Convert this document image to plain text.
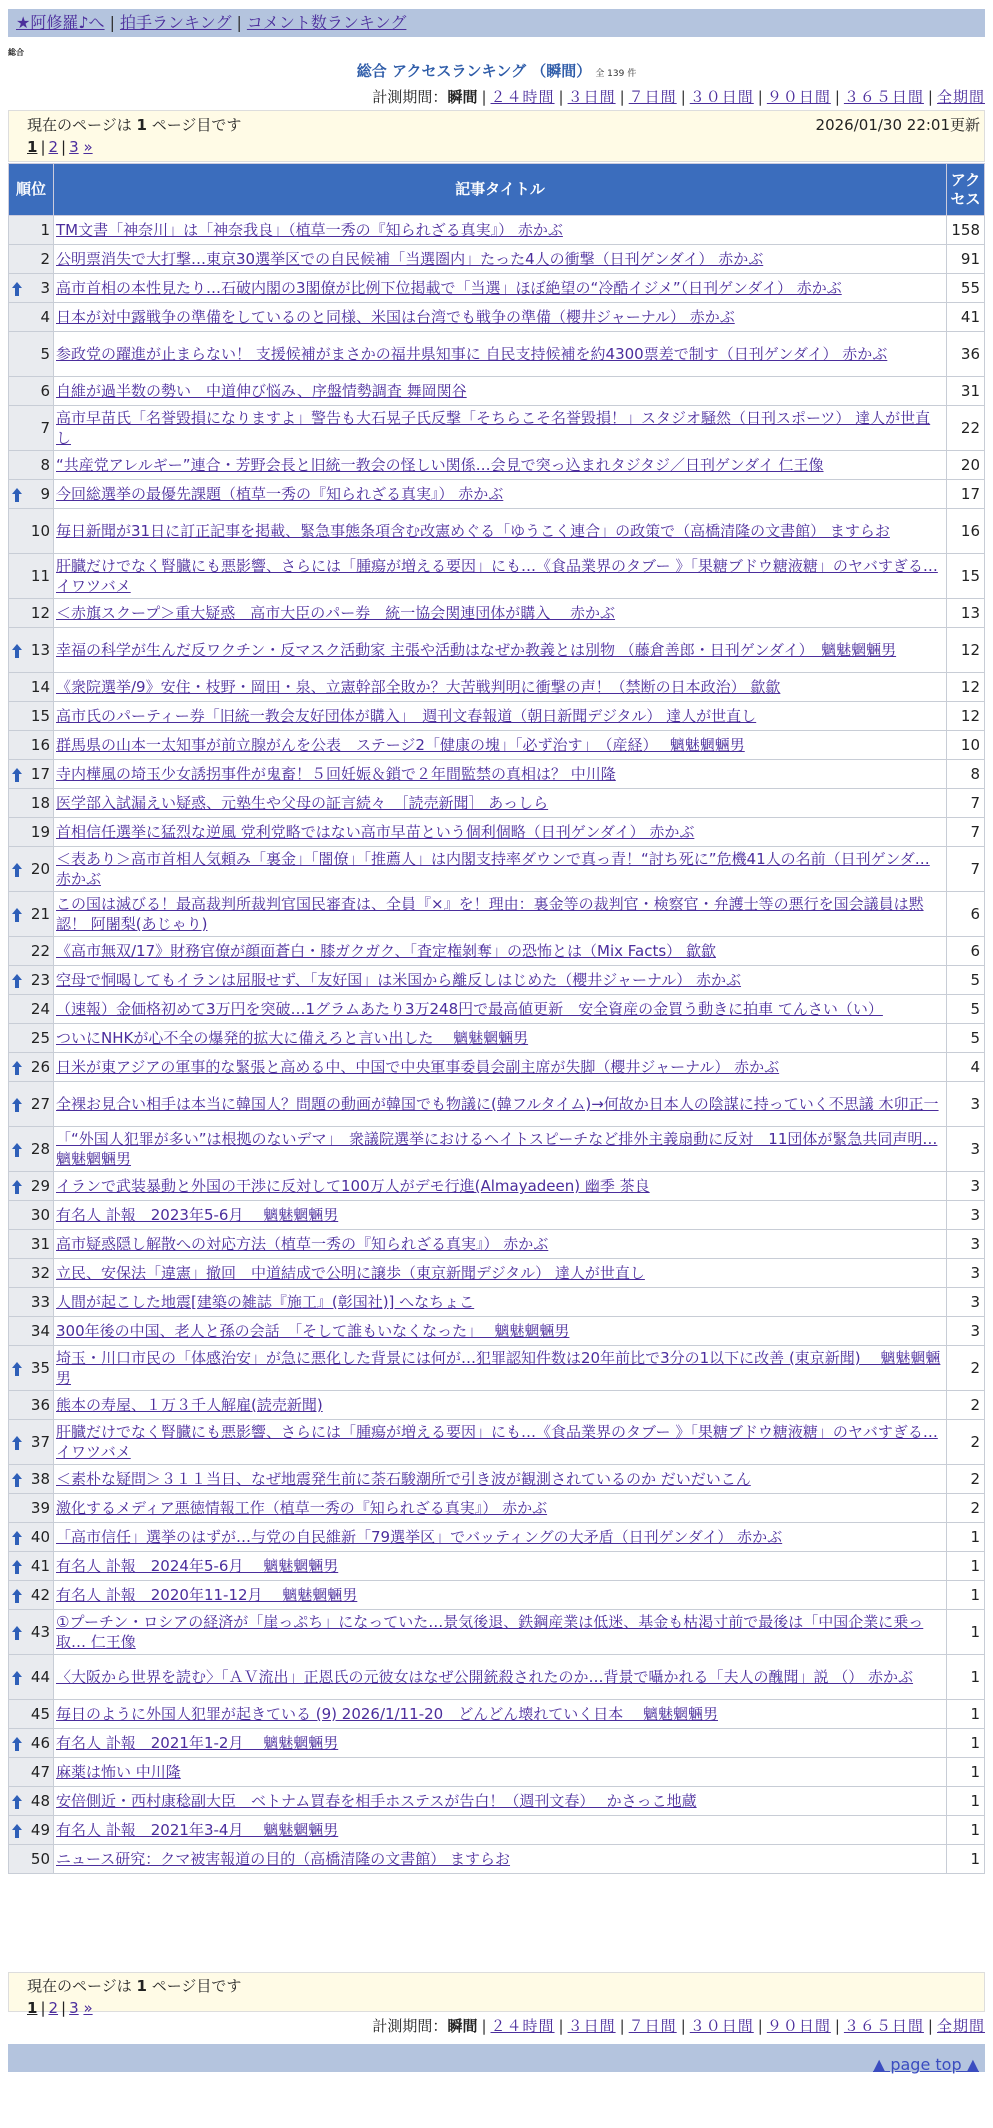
★阿修羅♪へ | 拍手ランキング | コメント数ランキング
総合
総合 アクセスランキング （瞬間） 全 139 件
計測期間：瞬間 | ２４時間 | ３日間 | ７日間 | ３０日間 | ９０日間 | ３６５日間 | 全期間
現在のページは 1 ページ目です	2026/01/30 22:01更新
1 | 2 | 3 »
順位	記事タイトル	アクセス
1	TM文書「神奈川」は「神奈我良」（植草一秀の『知られざる真実』） 赤かぶ	158
2	公明票消失で大打撃…東京30選挙区での自民候補「当選圏内」たった4人の衝撃（日刊ゲンダイ） 赤かぶ	91

3	高市首相の本性見たり…石破内閣の3閣僚が比例下位掲載で「当選」ほぼ絶望の“冷酷イジメ”（日刊ゲンダイ） 赤かぶ	55
4	日本が対中露戦争の準備をしているのと同様、米国は台湾でも戦争の準備（櫻井ジャーナル） 赤かぶ	41
5	参政党の躍進が止まらない！ 支援候補がまさかの福井県知事に 自民支持候補を約4300票差で制す（日刊ゲンダイ） 赤かぶ	36
6	自維が過半数の勢い　中道伸び悩み、序盤情勢調査 舞岡関谷	31
7	高市早苗氏「名誉毀損になりますよ」警告も大石晃子氏反撃「そちらこそ名誉毀損！」スタジオ騒然（日刊スポーツ） 達人が世直し	22
8	“共産党アレルギー”連合・芳野会長と旧統一教会の怪しい関係…会見で突っ込まれタジタジ／日刊ゲンダイ 仁王像	20

9	今回総選挙の最優先課題（植草一秀の『知られざる真実』） 赤かぶ	17
10	毎日新聞が31日に訂正記事を掲載、緊急事態条項含む改憲めぐる「ゆうこく連合」の政策で（高橋清隆の文書館） ますらお	16
11	肝臓だけでなく腎臓にも悪影響、さらには「腫瘍が増える要因」にも…《食品業界のタブー 》「果糖ブドウ糖液糖」のヤバすぎる… イワツバメ	15
12	＜赤旗スクープ＞重大疑惑　高市大臣のパー券　統一協会関連団体が購入　 赤かぶ	13

13	幸福の科学が生んだ反ワクチン・反マスク活動家 主張や活動はなぜか教義とは別物 （藤倉善郎・日刊ゲンダイ）　魑魅魍魎男	12
14	《衆院選挙/9》安住・枝野・岡田・泉、立憲幹部全敗か？大苦戦判明に衝撃の声！（禁断の日本政治） 歙歙	12
15	高市氏のパーティー券「旧統一教会友好団体が購入」　週刊文春報道（朝日新聞デジタル） 達人が世直し	12
16	群馬県の山本一太知事が前立腺がんを公表　ステージ2「健康の塊」「必ず治す」　（産経）　 魑魅魍魎男	10

17	寺内樺風の埼玉少女誘拐事件が鬼畜！５回妊娠＆鎖で２年間監禁の真相は？ 中川隆	8
18	医学部入試漏えい疑惑、元塾生や父母の証言続々　［読売新聞］ あっしら	7
19	首相信任選挙に猛烈な逆風 党利党略ではない高市早苗という個利個略（日刊ゲンダイ） 赤かぶ	7

20	＜表あり＞高市首相人気頼み「裏金」「闇僚」「推薦人」は内閣支持率ダウンで真っ青！“討ち死に”危機41人の名前（日刊ゲンダ… 赤かぶ	7

21	この国は滅びる！最高裁判所裁判官国民審査は、全員『×』を！理由：裏金等の裁判官・検察官・弁護士等の悪行を国会議員は黙認！ 阿闍梨(あじゃり)	6
22	《高市無双/17》財務官僚が顔面蒼白・膝ガクガク、「査定権剝奪」の恐怖とは（Mix Facts） 歙歙	6

23	空母で恫喝してもイランは屈服せず、「友好国」は米国から離反しはじめた（櫻井ジャーナル） 赤かぶ	5
24	（速報）金価格初めて3万円を突破…1グラムあたり3万248円で最高値更新　安全資産の金買う動きに拍車 てんさい（い）	5
25	ついにNHKが心不全の爆発的拡大に備えろと言い出した　 魑魅魍魎男	5

26	日米が東アジアの軍事的な緊張と高める中、中国で中央軍事委員会副主席が失脚（櫻井ジャーナル） 赤かぶ	4

27	全裸お見合い相手は本当に韓国人？問題の動画が韓国でも物議に(韓フルタイム)→何故か日本人の陰謀に持っていく不思議 木卯正一	3

28	「“外国人犯罪が多い”は根拠のないデマ」　衆議院選挙におけるヘイトスピーチなど排外主義扇動に反対　11団体が緊急共同声明… 魑魅魍魎男	3

29	イランで武装暴動と外国の干渉に反対して100万人がデモ行進(Almayadeen) 幽季 茶良	3
30	有名人 訃報　2023年5-6月　 魑魅魍魎男	3
31	高市疑惑隠し解散への対応方法（植草一秀の『知られざる真実』） 赤かぶ	3
32	立民、安保法「違憲」撤回　中道結成で公明に譲歩（東京新聞デジタル） 達人が世直し	3
33	人間が起こした地震[建築の雑誌『施工』(彰国社)] へなちょこ	3
34	300年後の中国、老人と孫の会話　「そして誰もいなくなった」　 魑魅魍魎男	3

35	埼玉・川口市民の「体感治安」が急に悪化した背景には何が…犯罪認知件数は20年前比で3分の1以下に改善 (東京新聞)　 魑魅魍魎男	2
36	熊本の寿屋、１万３千人解雇(読売新聞)	2

37	肝臓だけでなく腎臓にも悪影響、さらには「腫瘍が増える要因」にも…《食品業界のタブー 》「果糖ブドウ糖液糖」のヤバすぎる… イワツバメ	2

38	＜素朴な疑問＞３１１当日、なぜ地震発生前に荼石駿潮所で引き波が観測されているのか だいだいこん	2
39	激化するメディア悪徳情報工作（植草一秀の『知られざる真実』） 赤かぶ	2

40	「高市信任」選挙のはずが…与党の自民維新「79選挙区」でバッティングの大矛盾（日刊ゲンダイ） 赤かぶ	1

41	有名人 訃報　2024年5-6月　 魑魅魍魎男	1

42	有名人 訃報　2020年11-12月　 魑魅魍魎男	1

43	①プーチン・ロシアの経済が「崖っぷち」になっていた…景気後退、鉄鋼産業は低迷、基金も枯渇寸前で最後は「中国企業に乗っ取… 仁王像	1

44	〈大阪から世界を読む〉「ＡＶ流出」正恩氏の元彼女はなぜ公開銃殺されたのか…背景で囁かれる「夫人の醜聞」説 （） 赤かぶ	1
45	毎日のように外国人犯罪が起きている (9) 2026/1/11-20　どんどん壊れていく日本　 魑魅魍魎男	1

46	有名人 訃報　2021年1-2月　 魑魅魍魎男	1
47	麻薬は怖い 中川隆	1

48	安倍側近・西村康稔副大臣　ベトナム買春を相手ホステスが告白！（週刊文春）　 かさっこ地蔵	1

49	有名人 訃報　2021年3-4月　 魑魅魍魎男	1
50	ニュース研究：クマ被害報道の目的（高橋清隆の文書館） ますらお	1
現在のページは 1 ページ目です
1 | 2 | 3 »
計測期間：瞬間 | ２４時間 | ３日間 | ７日間 | ３０日間 | ９０日間 | ３６５日間 | 全期間
▲ page top ▲
